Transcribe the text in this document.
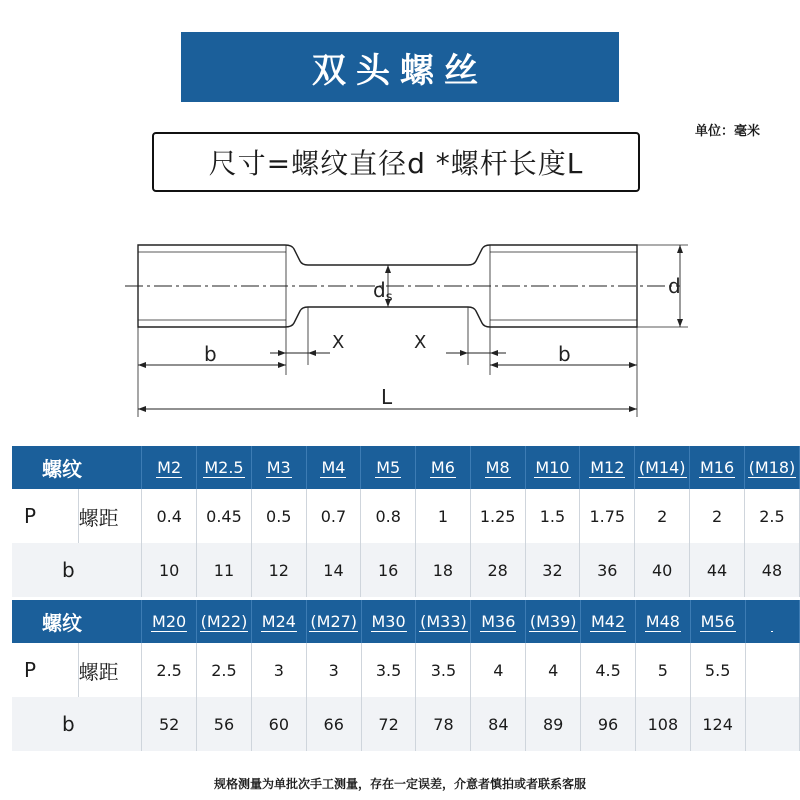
双头螺丝
单位：毫米
尺寸=螺纹直径d *螺杆长度L
$d_s$	d
X	X
b	b
L
螺纹		M2	M2.5	M3	M4	M5	M6	M8	M10	M12	(M14)	M16	(M18)
P	螺距	0.4	0.45	0.5	0.7	0.8	1	1.25	1.5	1.75	2	2	2.5
b		10	11	12	14	16	18	28	32	36	40	44	48
螺纹		M20	(M22)	M24	(M27)	M30	(M33)	M36	(M39)	M42	M48	M56	
P	螺距	2.5	2.5	3	3	3.5	3.5	4	4	4.5	5	5.5	
b		52	56	60	66	72	78	84	89	96	108	124	
规格测量为单批次手工测量，存在一定误差，介意者慎拍或者联系客服
